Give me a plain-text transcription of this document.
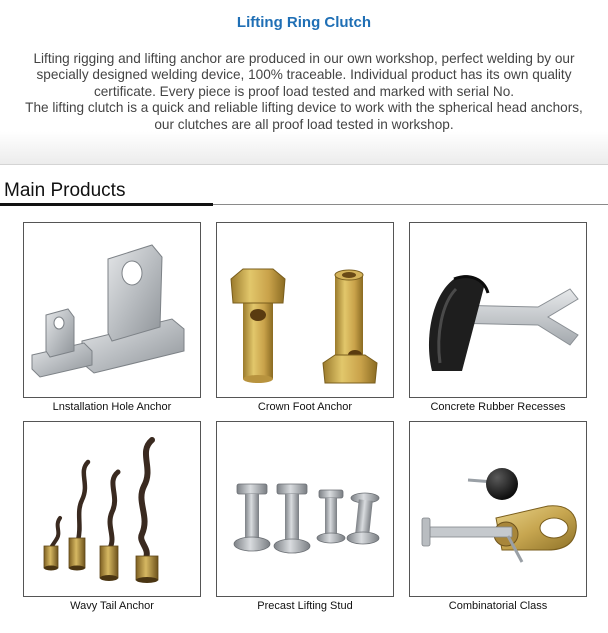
Lifting Ring Clutch
Lifting rigging and lifting anchor are produced in our own workshop, perfect welding by our specially designed welding device, 100% traceable. Individual product has its own quality certificate. Every piece is proof load tested and marked with serial No.
The lifting clutch is a quick and reliable lifting device to work with the spherical head anchors, our clutches are all proof load tested in workshop.
Main Products
Lnstallation Hole Anchor	Crown Foot Anchor	Concrete Rubber Recesses
Wavy Tail Anchor	Precast Lifting Stud	Combinatorial Class
